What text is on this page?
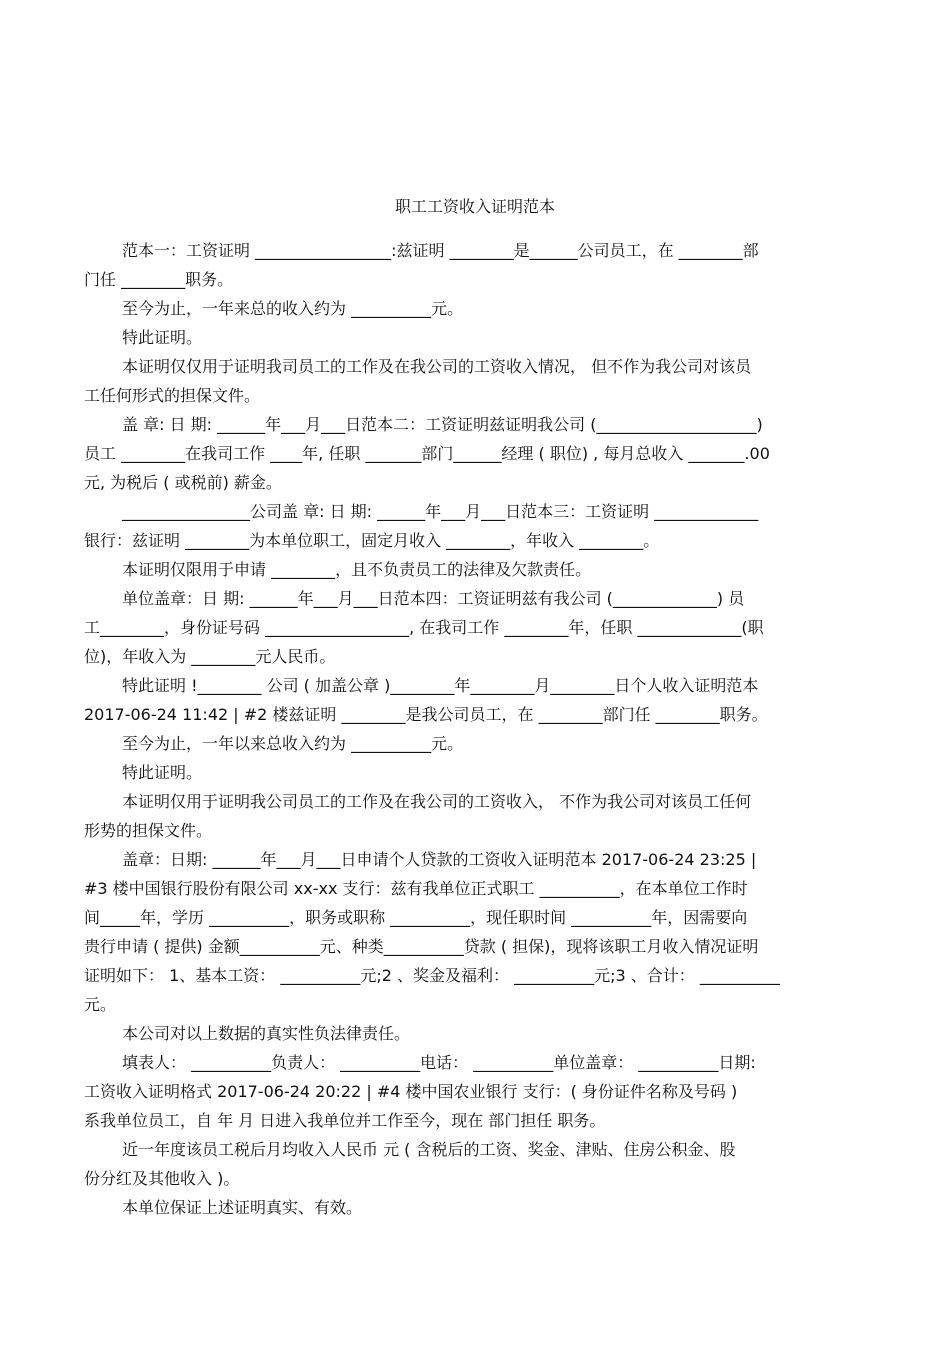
职工工资收入证明范本
范本一：工资证明 _________________:兹证明 ________是______公司员工，在 ________部
门任 ________职务。
至今为止，一年来总的收入约为 __________元。
特此证明。
本证明仅仅用于证明我司员工的工作及在我公司的工资收入情况， 但不作为我公司对该员
工任何形式的担保文件。
盖 章: 日 期: ______年___月___日范本二：工资证明兹证明我公司 (____________________)
员工 ________在我司工作 ____年, 任职 _______部门______经理 ( 职位) , 每月总收入 _______.00
元, 为税后 ( 或税前) 薪金。
________________公司盖 章: 日 期: ______年___月___日范本三：工资证明 _____________
银行：兹证明 ________为本单位职工，固定月收入 ________，年收入 ________。
本证明仅限用于申请 ________，且不负责员工的法律及欠款责任。
单位盖章：日 期: ______年___月___日范本四：工资证明兹有我公司 (_____________) 员
工________，身份证号码 __________________, 在我司工作 ________年，任职 _____________(职
位)，年收入为 ________元人民币。
特此证明 !________ 公司 ( 加盖公章 )________年________月________日个人收入证明范本
2017-06-24 11:42 | #2 楼兹证明 ________是我公司员工，在 ________部门任 ________职务。
至今为止，一年以来总收入约为 __________元。
特此证明。
本证明仅用于证明我公司员工的工作及在我公司的工资收入， 不作为我公司对该员工任何
形势的担保文件。
盖章：日期: ______年___月___日申请个人贷款的工资收入证明范本 2017-06-24 23:25 |
#3 楼中国银行股份有限公司 xx-xx 支行：兹有我单位正式职工 __________，在本单位工作时
间_____年，学历 __________，职务或职称 __________，现任职时间 __________年，因需要向
贵行申请 ( 提供) 金额__________元、种类__________贷款 ( 担保)，现将该职工月收入情况证明
证明如下： 1、基本工资： __________元;2 、奖金及福利： __________元;3 、合计： __________
元。
本公司对以上数据的真实性负法律责任。
填表人： __________负责人： __________电话： __________单位盖章： __________日期:
工资收入证明格式 2017-06-24 20:22 | #4 楼中国农业银行 支行：( 身份证件名称及号码 )
系我单位员工，自 年 月 日进入我单位并工作至今，现在 部门担任 职务。
近一年度该员工税后月均收入人民币 元 ( 含税后的工资、奖金、津贴、住房公积金、股
份分红及其他收入 )。
本单位保证上述证明真实、有效。
